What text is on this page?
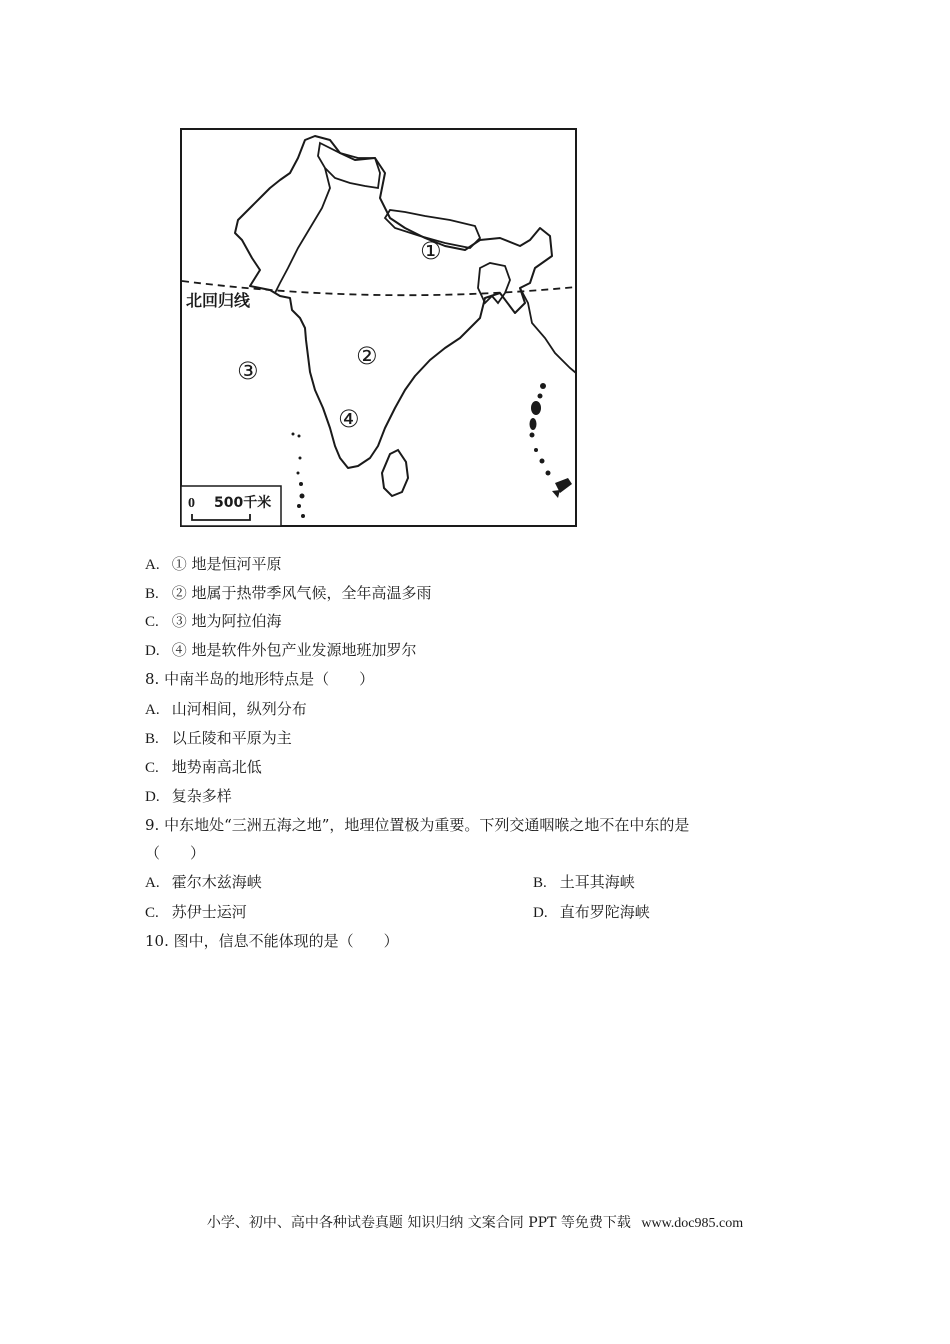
北回归线
①
②
③
④
0 500千米
A. ① 地是恒河平原
B. ② 地属于热带季风气候，全年高温多雨
C. ③ 地为阿拉伯海
D. ④ 地是软件外包产业发源地班加罗尔
8. 中南半岛的地形特点是（　　）
A. 山河相间，纵列分布
B. 以丘陵和平原为主
C. 地势南高北低
D. 复杂多样
9. 中东地处“三洲五海之地”，地理位置极为重要。下列交通咽喉之地不在中东的是
（　　）
A. 霍尔木兹海峡	B. 土耳其海峡
C. 苏伊士运河	D. 直布罗陀海峡
10. 图中，信息不能体现的是（　　）
小学、初中、高中各种试卷真题 知识归纳 文案合同 PPT 等免费下载 www.doc985.com
